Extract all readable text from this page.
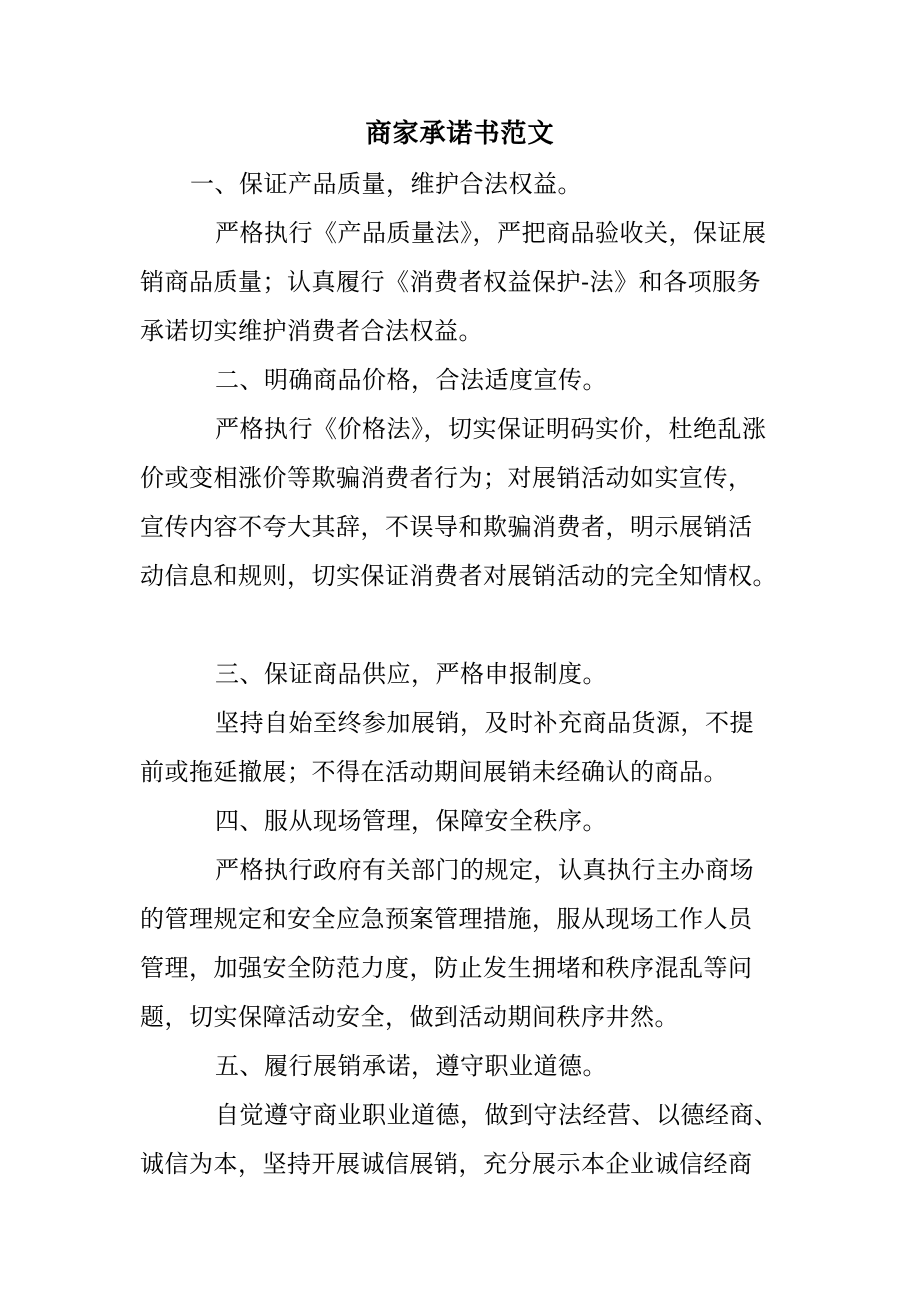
商家承诺书范文
一、保证产品质量，维护合法权益。
严格执行《产品质量法》，严把商品验收关，保证展
销商品质量；认真履行《消费者权益保护-法》和各项服务
承诺切实维护消费者合法权益。
二、明确商品价格，合法适度宣传。
严格执行《价格法》，切实保证明码实价，杜绝乱涨
价或变相涨价等欺骗消费者行为；对展销活动如实宣传，
宣传内容不夸大其辞，不误导和欺骗消费者，明示展销活
动信息和规则，切实保证消费者对展销活动的完全知情权。
三、保证商品供应，严格申报制度。
坚持自始至终参加展销，及时补充商品货源，不提
前或拖延撤展；不得在活动期间展销未经确认的商品。
四、服从现场管理，保障安全秩序。
严格执行政府有关部门的规定，认真执行主办商场
的管理规定和安全应急预案管理措施，服从现场工作人员
管理，加强安全防范力度，防止发生拥堵和秩序混乱等问
题，切实保障活动安全，做到活动期间秩序井然。
五、履行展销承诺，遵守职业道德。
自觉遵守商业职业道德，做到守法经营、以德经商、
诚信为本，坚持开展诚信展销，充分展示本企业诚信经商
